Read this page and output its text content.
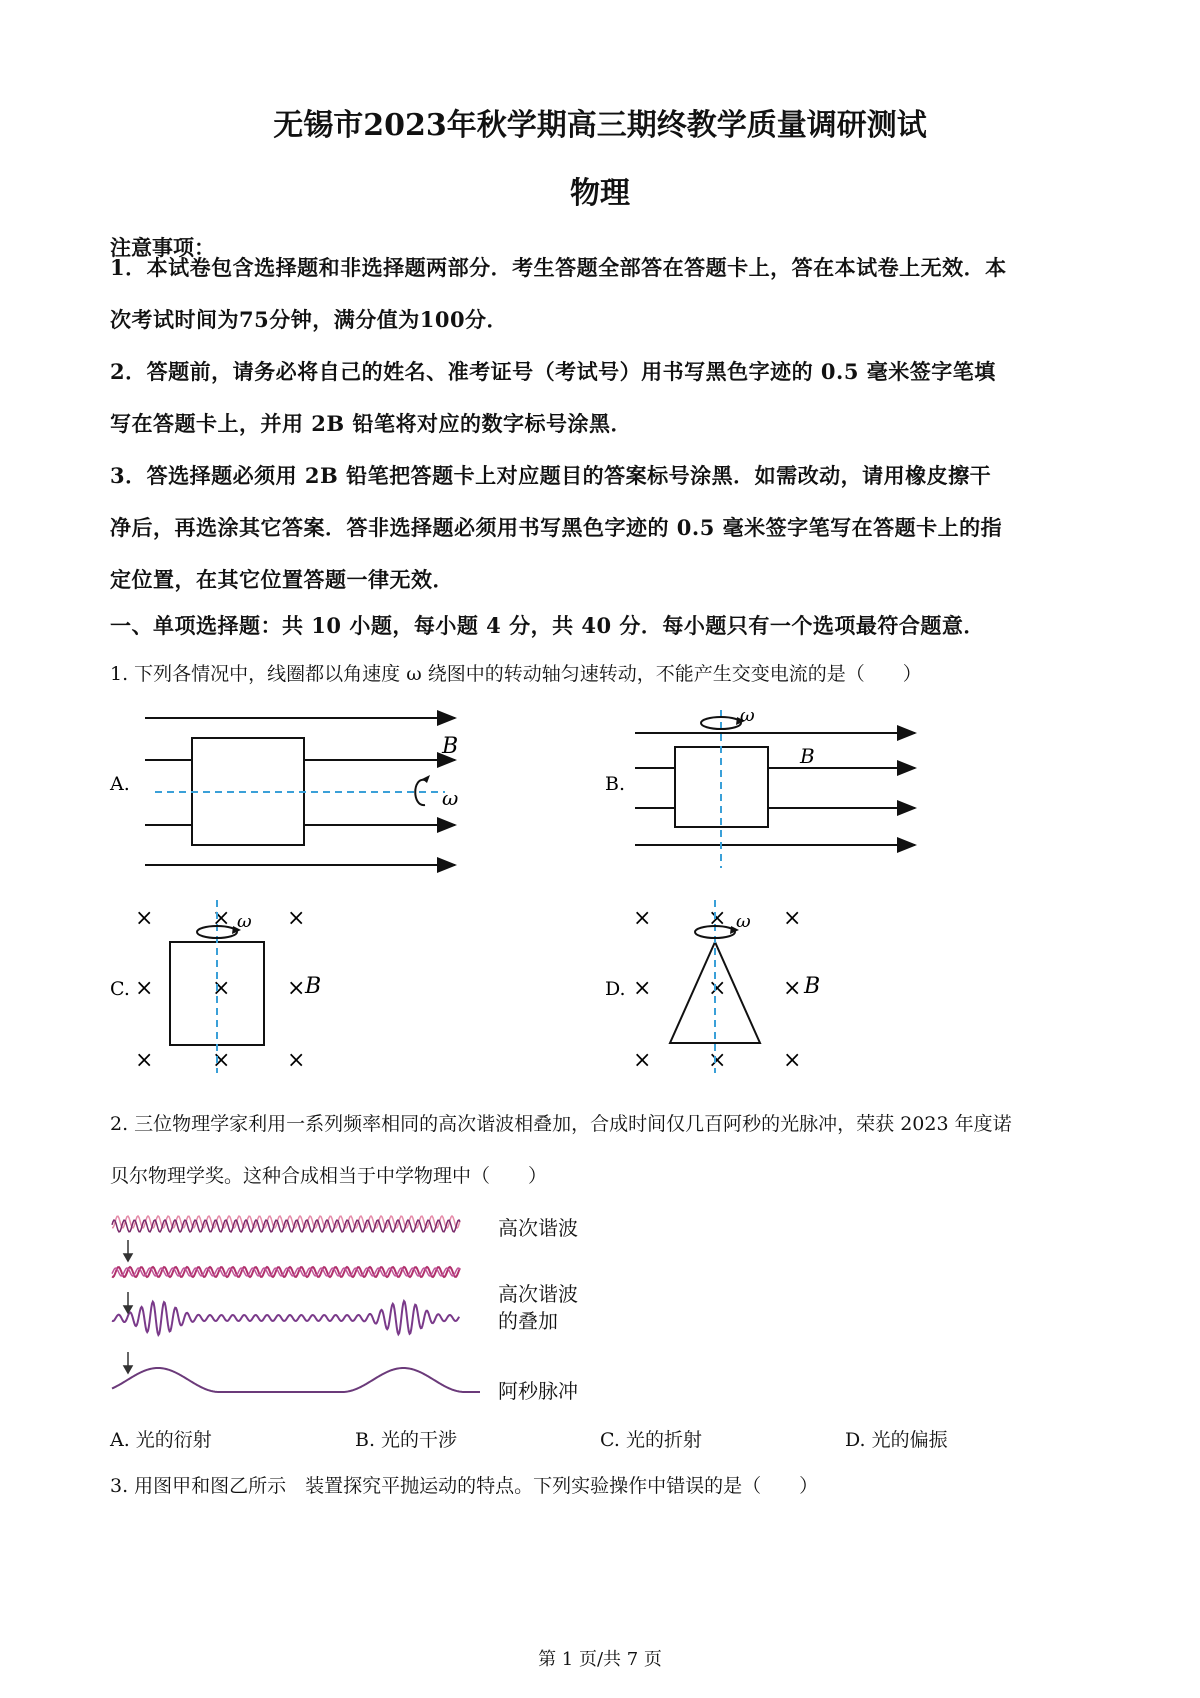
无锡市2023年秋学期高三期终教学质量调研测试
物理
注意事项：
1．本试卷包含选择题和非选择题两部分．考生答题全部答在答题卡上，答在本试卷上无效．本
次考试时间为75分钟，满分值为100分．
2．答题前，请务必将自己的姓名、准考证号（考试号）用书写黑色字迹的 0.5 毫米签字笔填
写在答题卡上，并用 2B 铅笔将对应的数字标号涂黑．
3．答选择题必须用 2B 铅笔把答题卡上对应题目的答案标号涂黑．如需改动，请用橡皮擦干
净后，再选涂其它答案．答非选择题必须用书写黑色字迹的 0.5 毫米签字笔写在答题卡上的指
定位置，在其它位置答题一律无效．
一、单项选择题：共 10 小题，每小题 4 分，共 40 分．每小题只有一个选项最符合题意．
1. 下列各情况中，线圈都以角速度 ω 绕图中的转动轴匀速转动，不能产生交变电流的是（　　）
A.
B
ω
B.
ω
B
C.
×	×	×
×	×	×
×	×	×
ω
B	D.
×	×	×
×	×	×
×	×	×
ω
B
2. 三位物理学家利用一系列频率相同的高次谐波相叠加，合成时间仅几百阿秒的光脉冲，荣获 2023 年度诺
贝尔物理学奖。这种合成相当于中学物理中（　　）
高次谐波
高次谐波
的叠加
阿秒脉冲
A. 光的衍射	B. 光的干涉	C. 光的折射	D. 光的偏振
3. 用图甲和图乙所示　装置探究平抛运动的特点。下列实验操作中错误的是（　　）
第 1 页/共 7 页
